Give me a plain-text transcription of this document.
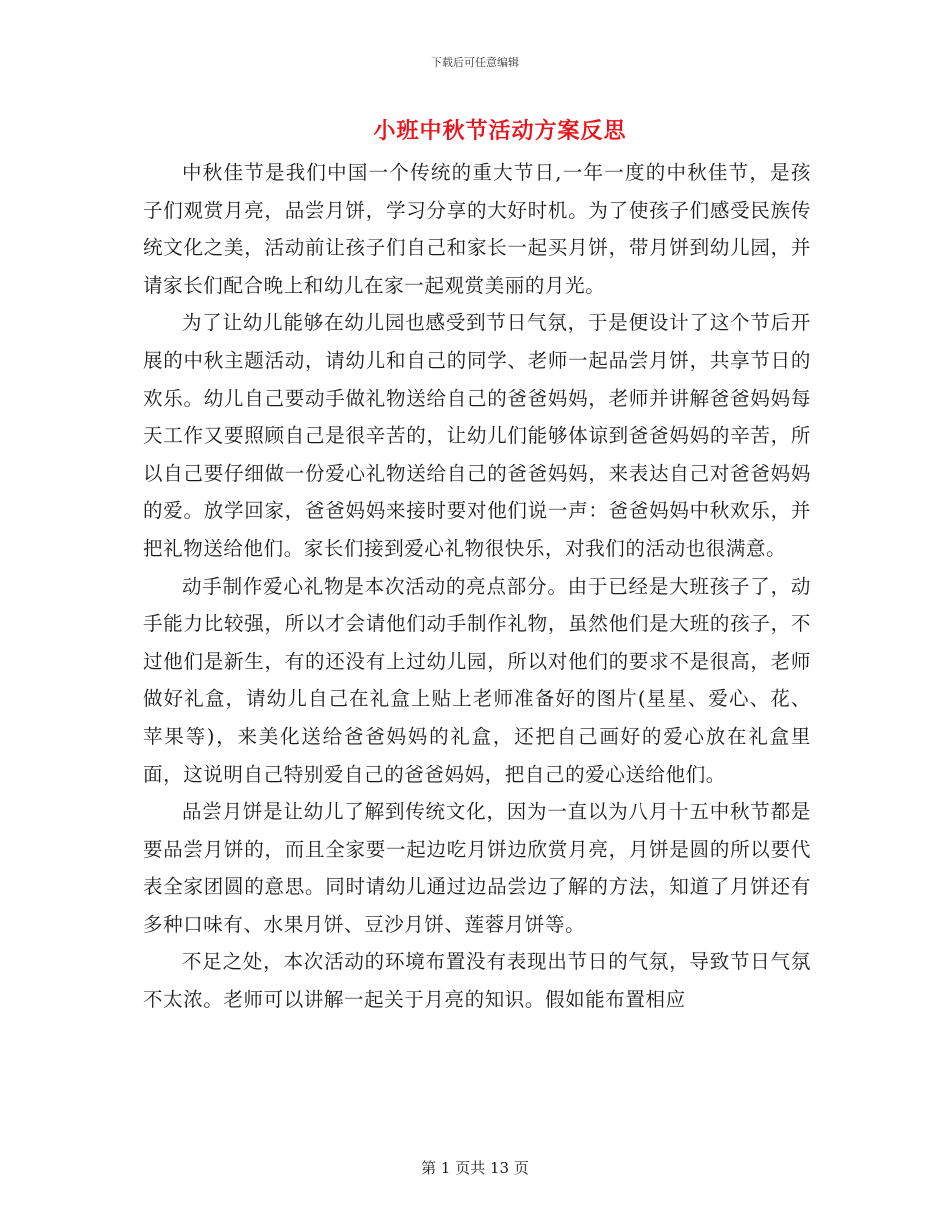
下载后可任意编辑
小班中秋节活动方案反思

中秋佳节是我们中国一个传统的重大节日,一年一度的中秋佳节，是孩子们观赏月亮，品尝月饼，学习分享的大好时机。为了使孩子们感受民族传统文化之美，活动前让孩子们自己和家长一起买月饼，带月饼到幼儿园，并请家长们配合晚上和幼儿在家一起观赏美丽的月光。

为了让幼儿能够在幼儿园也感受到节日气氛，于是便设计了这个节后开展的中秋主题活动，请幼儿和自己的同学、老师一起品尝月饼，共享节日的欢乐。幼儿自己要动手做礼物送给自己的爸爸妈妈，老师并讲解爸爸妈妈每天工作又要照顾自己是很辛苦的，让幼儿们能够体谅到爸爸妈妈的辛苦，所以自己要仔细做一份爱心礼物送给自己的爸爸妈妈，来表达自己对爸爸妈妈的爱。放学回家，爸爸妈妈来接时要对他们说一声：爸爸妈妈中秋欢乐，并把礼物送给他们。家长们接到爱心礼物很快乐，对我们的活动也很满意。

动手制作爱心礼物是本次活动的亮点部分。由于已经是大班孩子了，动手能力比较强，所以才会请他们动手制作礼物，虽然他们是大班的孩子，不过他们是新生，有的还没有上过幼儿园，所以对他们的要求不是很高，老师做好礼盒，请幼儿自己在礼盒上贴上老师准备好的图片(星星、爱心、花、苹果等)，来美化送给爸爸妈妈的礼盒，还把自己画好的爱心放在礼盒里面，这说明自己特别爱自己的爸爸妈妈，把自己的爱心送给他们。

品尝月饼是让幼儿了解到传统文化，因为一直以为八月十五中秋节都是要品尝月饼的，而且全家要一起边吃月饼边欣赏月亮，月饼是圆的所以要代表全家团圆的意思。同时请幼儿通过边品尝边了解的方法，知道了月饼还有多种口味有、水果月饼、豆沙月饼、莲蓉月饼等。

不足之处，本次活动的环境布置没有表现出节日的气氛，导致节日气氛不太浓。老师可以讲解一起关于月亮的知识。假如能布置相应

第 1 页共 13 页
